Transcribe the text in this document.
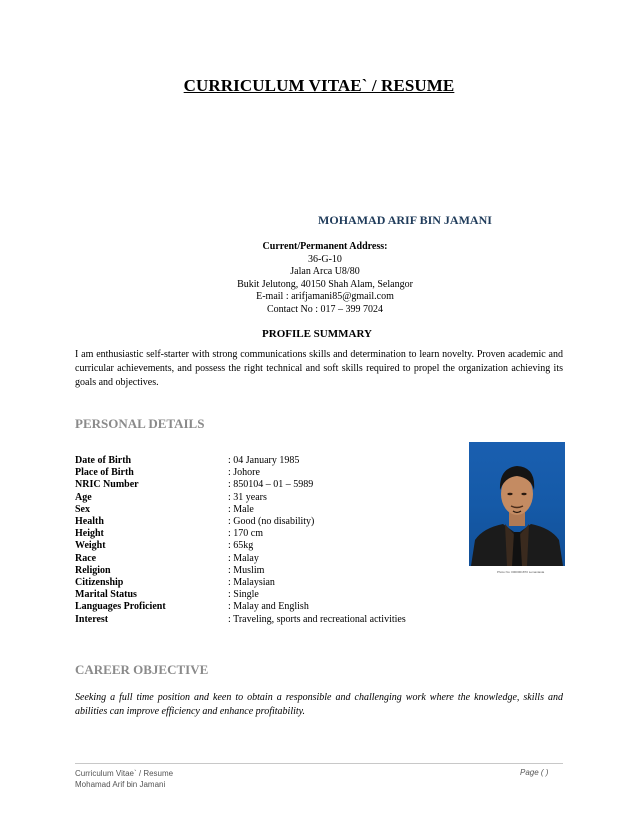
CURRICULUM VITAE` / RESUME
MOHAMAD ARIF BIN JAMANI
Current/Permanent Address:
36-G-10
Jalan Arca U8/80
Bukit Jelutong, 40150 Shah Alam, Selangor
E-mail : arifjamani85@gmail.com
Contact No : 017 – 399 7024
PROFILE SUMMARY
I am enthusiastic self-starter with strong communications skills and determination to learn novelty. Proven academic and curricular achievements, and possess the right technical and soft skills required to propel the organization achieving its goals and objectives.
PERSONAL DETAILS
Date of Birth	: 04 January 1985
Place of Birth	: Johore
NRIC Number	: 850104 – 01 – 5989
Age	: 31 years
Sex	: Male
Health	: Good (no disability)
Height	: 170 cm
Weight	: 65kg
Race	: Malay
Religion	: Muslim
Citizenship	: Malaysian
Marital Status	: Single
Languages Proficient	: Malay and English
Interest	: Traveling, sports and recreational activities
Photo No: 0000001870 Lemaniasta
CAREER OBJECTIVE
Seeking a full time position and keen to obtain a responsible and challenging work where the knowledge, skills and abilities can improve efficiency and enhance profitability.
Curriculum Vitae` / Resume
Mohamad Arif bin Jamani
Page ( )
